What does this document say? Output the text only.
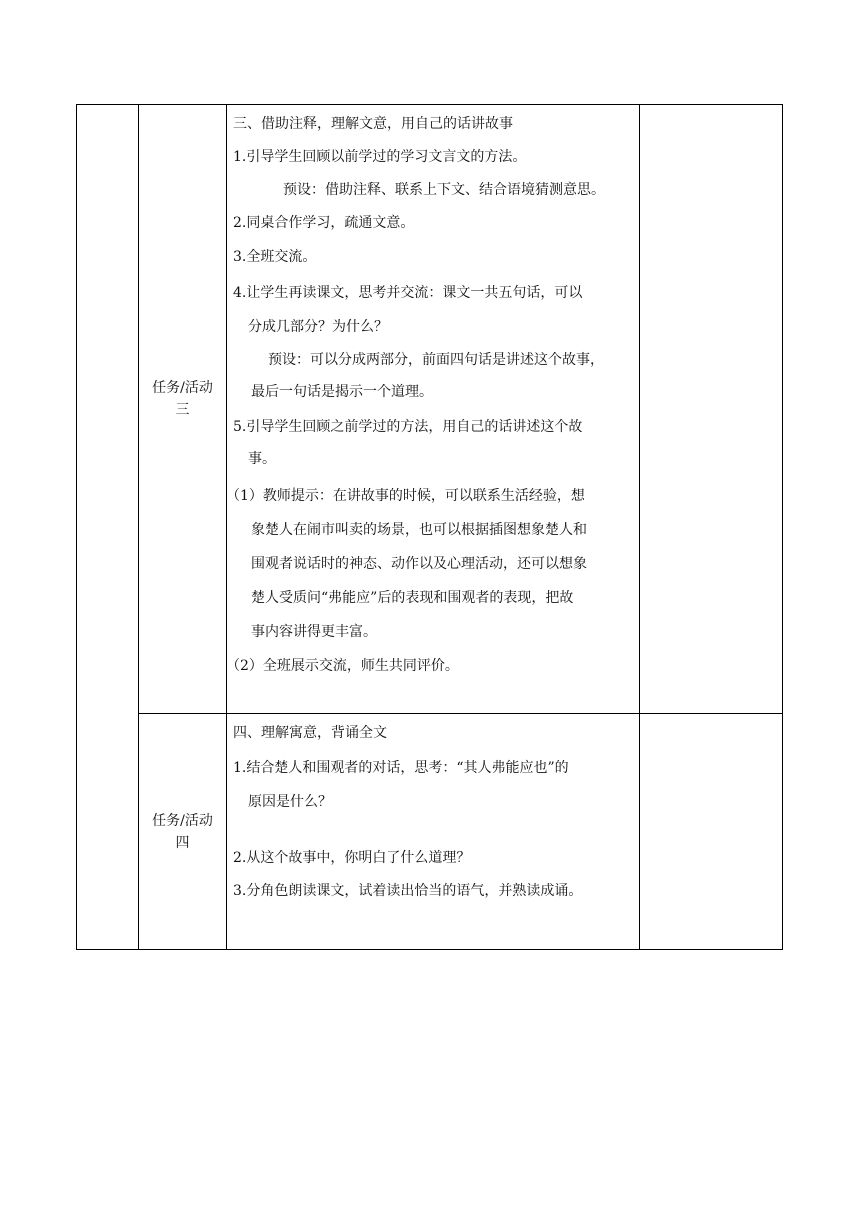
任务/活动
三
三、借助注释，理解文意，用自己的话讲故事
1.引导学生回顾以前学过的学习文言文的方法。
预设：借助注释、联系上下文、结合语境猜测意思。
2.同桌合作学习，疏通文意。
3.全班交流。
4.让学生再读课文，思考并交流：课文一共五句话，可以
分成几部分？为什么？
预设：可以分成两部分，前面四句话是讲述这个故事，
最后一句话是揭示一个道理。
5.引导学生回顾之前学过的方法，用自己的话讲述这个故
事。
（1）教师提示：在讲故事的时候，可以联系生活经验，想
象楚人在闹市叫卖的场景，也可以根据插图想象楚人和
围观者说话时的神态、动作以及心理活动，还可以想象
楚人受质问“弗能应”后的表现和围观者的表现，把故
事内容讲得更丰富。
（2）全班展示交流，师生共同评价。
任务/活动
四
四、理解寓意，背诵全文
1.结合楚人和围观者的对话，思考：“其人弗能应也”的
原因是什么？
2.从这个故事中，你明白了什么道理？
3.分角色朗读课文，试着读出恰当的语气，并熟读成诵。
